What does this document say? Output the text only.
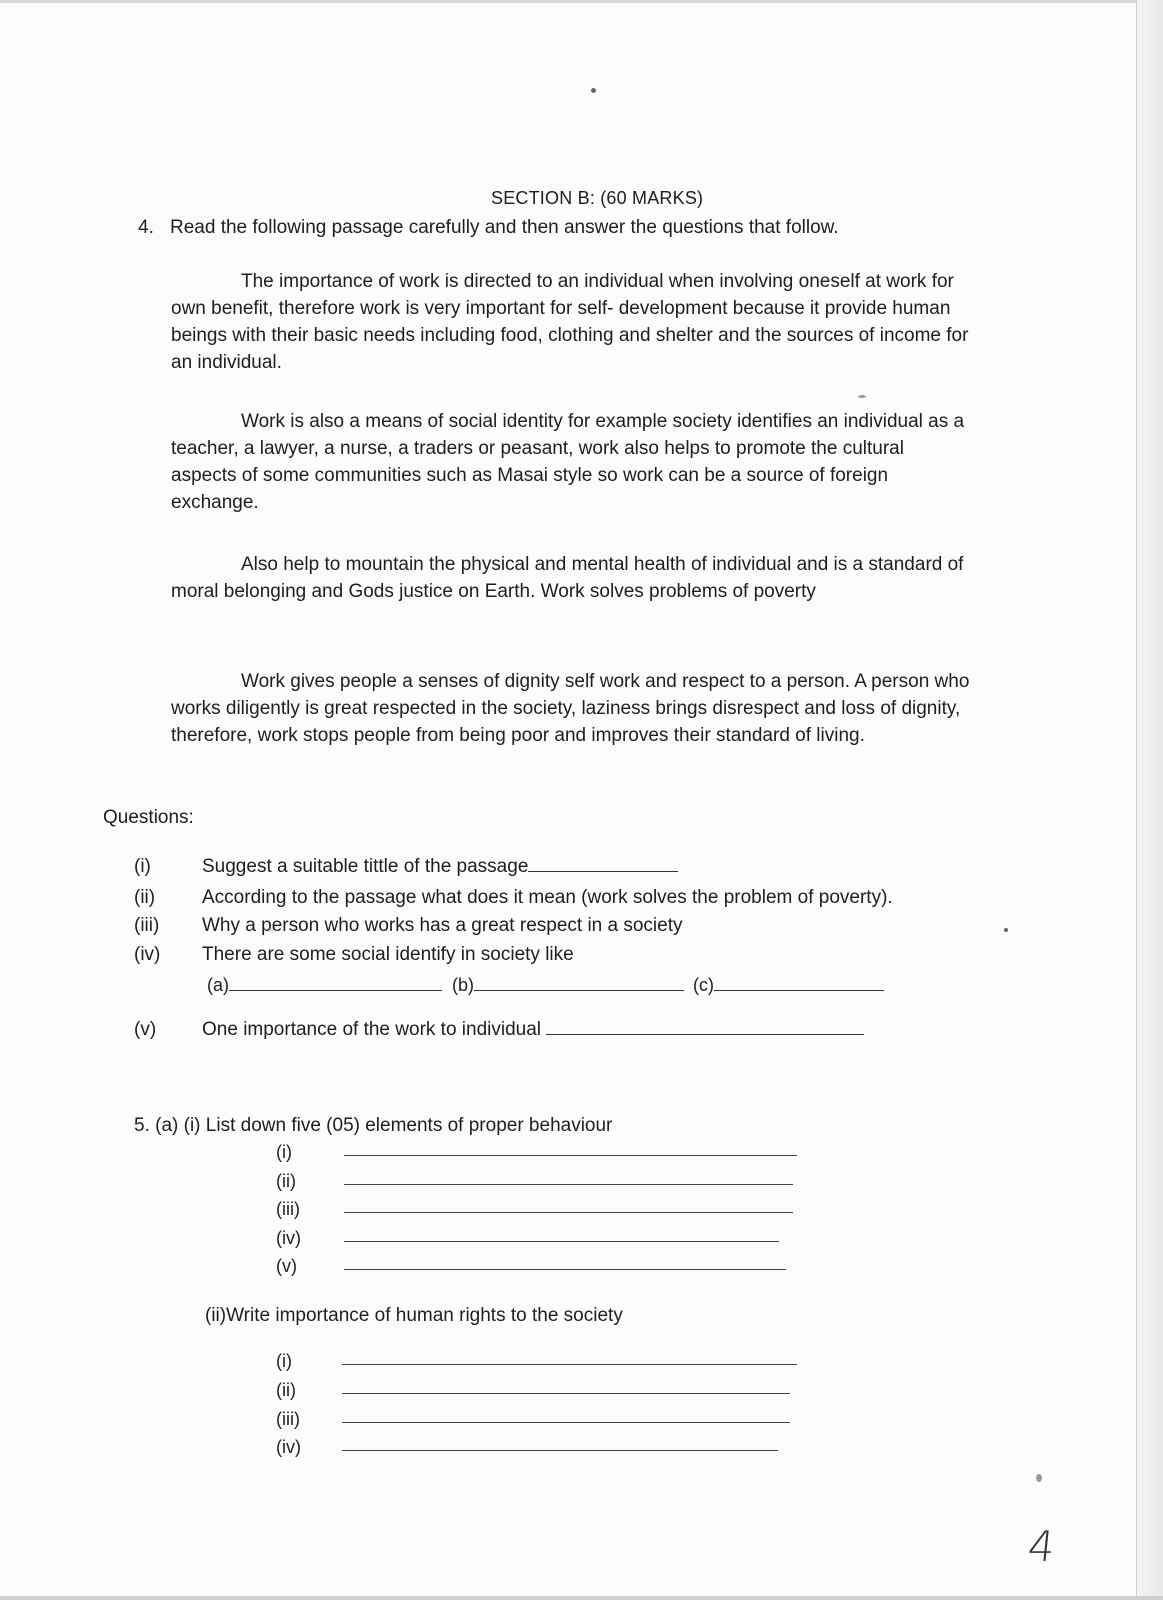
SECTION B: (60 MARKS)
4. Read the following passage carefully and then answer the questions that follow.

The importance of work is directed to an individual when involving oneself at work for own benefit, therefore work is very important for self- development because it provide human beings with their basic needs including food, clothing and shelter and the sources of income for an individual.

Work is also a means of social identity for example society identifies an individual as a teacher, a lawyer, a nurse, a traders or peasant, work also helps to promote the cultural aspects of some communities such as Masai style so work can be a source of foreign exchange.

Also help to mountain the physical and mental health of individual and is a standard of moral belonging and Gods justice on Earth. Work solves problems of poverty

Work gives people a senses of dignity self work and respect to a person. A person who works diligently is great respected in the society, laziness brings disrespect and loss of dignity, therefore, work stops people from being poor and improves their standard of living.

Questions:
(i)	Suggest a suitable tittle of the passage
(ii)	According to the passage what does it mean (work solves the problem of poverty).
(iii)	Why a person who works has a great respect in a society
(iv)	There are some social identify in society like
(a)	(b)	(c)
(v)	One importance of the work to individual
5. (a) (i) List down five (05) elements of proper behaviour
(i)
(ii)
(iii)
(iv)
(v)
(ii)Write importance of human rights to the society
(i)
(ii)
(iii)
(iv)
4
